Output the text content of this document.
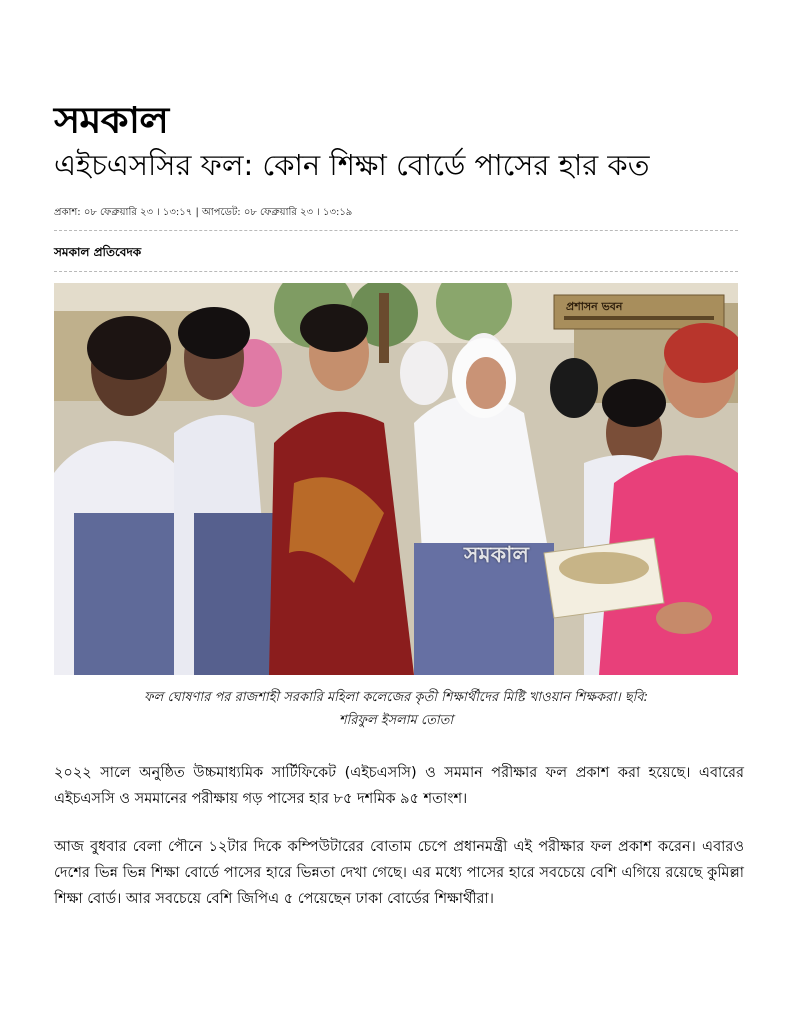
সমকাল
এইচএসসির ফল: কোন শিক্ষা বোর্ডে পাসের হার কত
প্রকাশ: ০৮ ফেব্রুয়ারি ২৩ । ১৩:১৭ | আপডেট: ০৮ ফেব্রুয়ারি ২৩ । ১৩:১৯
সমকাল প্রতিবেদক
প্রশাসন ভবন
সমকাল
ফল ঘোষণার পর রাজশাহী সরকারি মহিলা কলেজের কৃতী শিক্ষার্থীদের মিষ্টি খাওয়ান শিক্ষকরা। ছবি:
শরিফুল ইসলাম তোতা

২০২২ সালে অনুষ্ঠিত উচ্চমাধ্যমিক সার্টিফিকেট (এইচএসসি) ও সমমান পরীক্ষার ফল প্রকাশ করা হয়েছে। এবারের এইচএসসি ও সমমানের পরীক্ষায় গড় পাসের হার ৮৫ দশমিক ৯৫ শতাংশ।

আজ বুধবার বেলা পৌনে ১২টার দিকে কম্পিউটারের বোতাম চেপে প্রধানমন্ত্রী এই পরীক্ষার ফল প্রকাশ করেন। এবারও দেশের ভিন্ন ভিন্ন শিক্ষা বোর্ডে পাসের হারে ভিন্নতা দেখা গেছে। এর মধ্যে পাসের হারে সবচেয়ে বেশি এগিয়ে রয়েছে কুমিল্লা শিক্ষা বোর্ড। আর সবচেয়ে বেশি জিপিএ ৫ পেয়েছেন ঢাকা বোর্ডের শিক্ষার্থীরা।
